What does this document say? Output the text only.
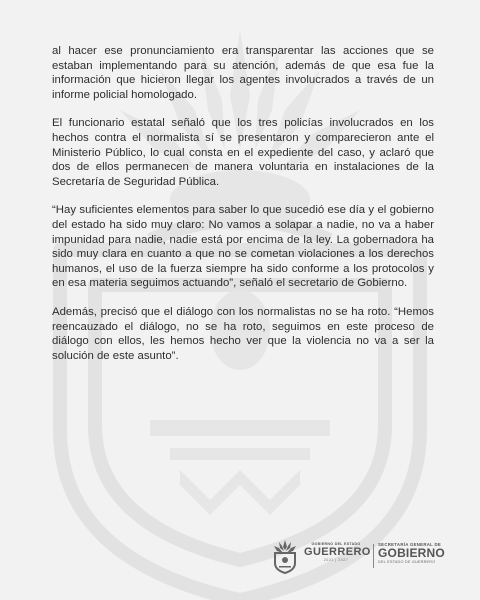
al hacer ese pronunciamiento era transparentar las acciones que se estaban implementando para su atención, además de que esa fue la información que hicieron llegar los agentes involucrados a través de un informe policial homologado.

El funcionario estatal señaló que los tres policías involucrados en los hechos contra el normalista sí se presentaron y comparecieron ante el Ministerio Público, lo cual consta en el expediente del caso, y aclaró que dos de ellos permanecen de manera voluntaria en instalaciones de la Secretaría de Seguridad Pública.

“Hay suficientes elementos para saber lo que sucedió ese día y el gobierno del estado ha sido muy claro: No vamos a solapar a nadie, no va a haber impunidad para nadie, nadie está por encima de la ley. La gobernadora ha sido muy clara en cuanto a que no se cometan violaciones a los derechos humanos, el uso de la fuerza siempre ha sido conforme a los protocolos y en esa materia seguimos actuando”, señaló el secretario de Gobierno.

Además, precisó que el diálogo con los normalistas no se ha roto. “Hemos reencauzado el diálogo, no se ha roto, seguimos en este proceso de diálogo con ellos, les hemos hecho ver que la violencia no va a ser la solución de este asunto”.

GOBIERNO DEL ESTADO
GUERRERO
2021 | 2027
SECRETARÍA GENERAL DE
GOBIERNO
DEL ESTADO DE GUERRERO
